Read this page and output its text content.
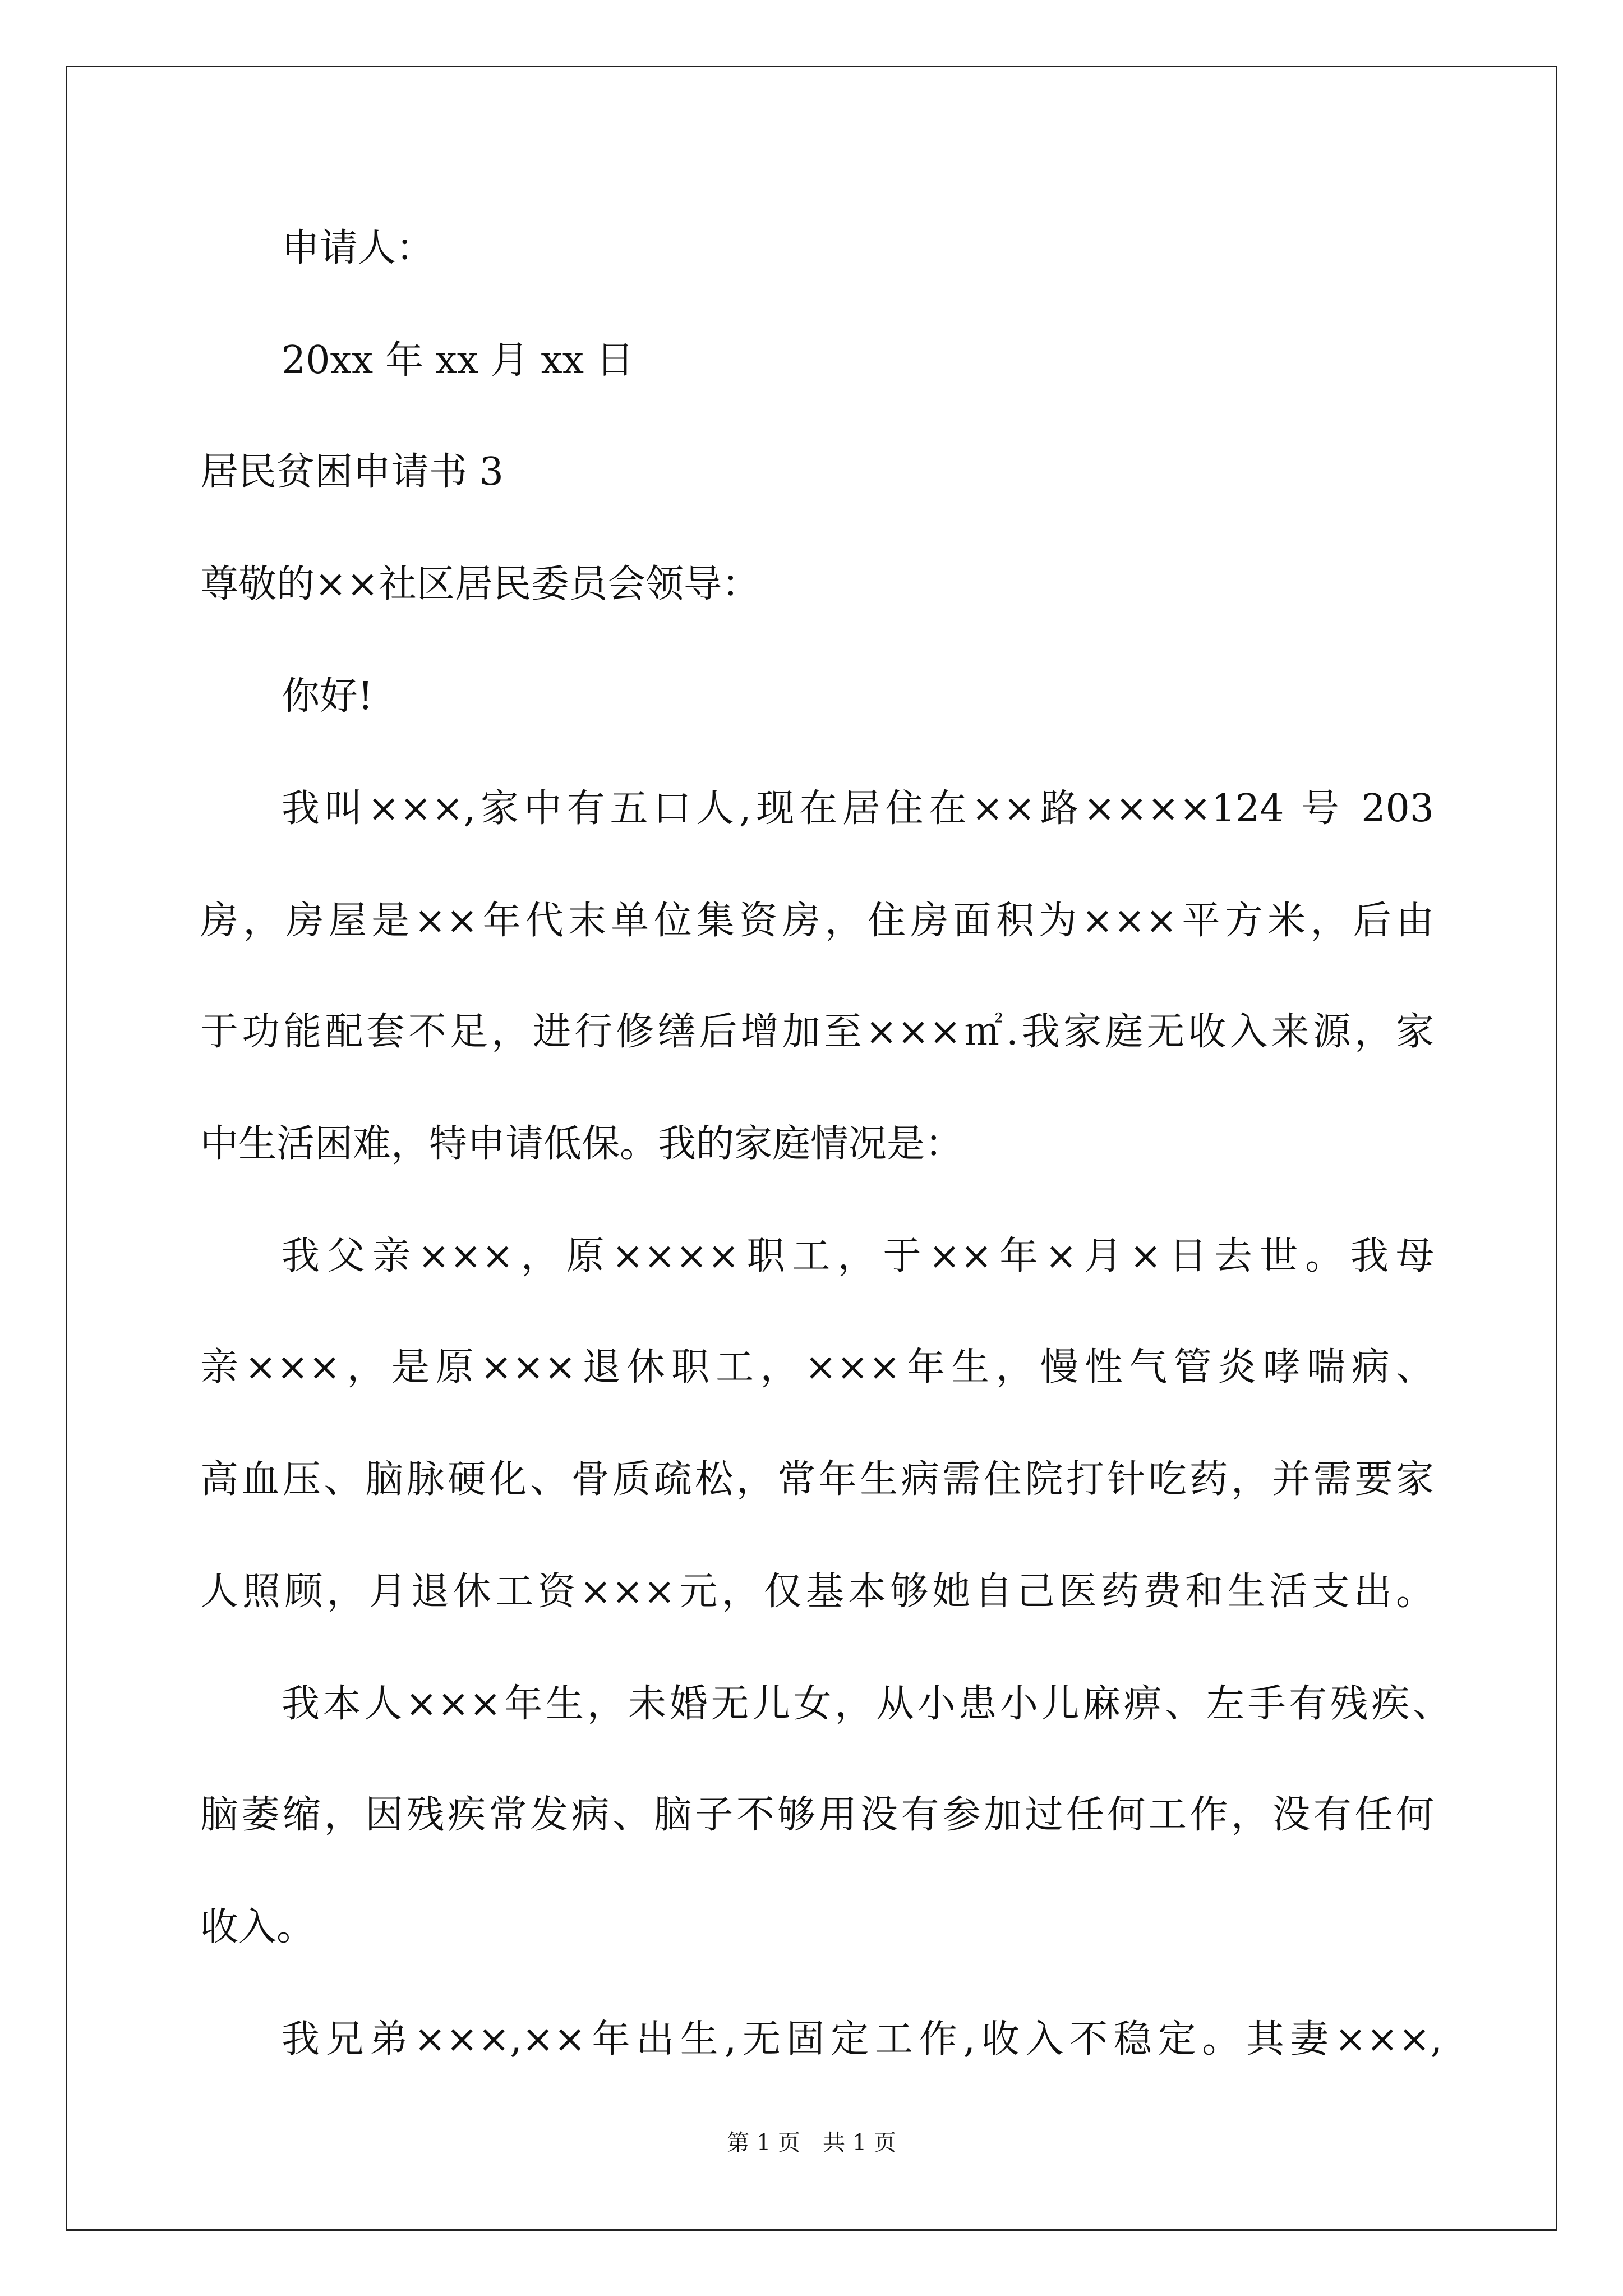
申请人：
20xx 年 xx 月 xx 日
居民贫困申请书 3
尊敬的××社区居民委员会领导：
你好!
我叫×××,家中有五口人,现在居住在××路××××124 号 203
房，房屋是××年代末单位集资房，住房面积为×××平方米，后由
于功能配套不足，进行修缮后增加至×××㎡.我家庭无收入来源，家
中生活困难，特申请低保。我的家庭情况是：
我父亲×××，原××××职工，于××年×月×日去世。我母
亲×××，是原×××退休职工，×××年生，慢性气管炎哮喘病、
高血压、脑脉硬化、骨质疏松，常年生病需住院打针吃药，并需要家
人照顾，月退休工资×××元，仅基本够她自己医药费和生活支出。
我本人×××年生，未婚无儿女，从小患小儿麻痹、左手有残疾、
脑萎缩，因残疾常发病、脑子不够用没有参加过任何工作，没有任何
收入。
我兄弟×××,××年出生,无固定工作,收入不稳定。其妻×××,
第 1 页　共 1 页
